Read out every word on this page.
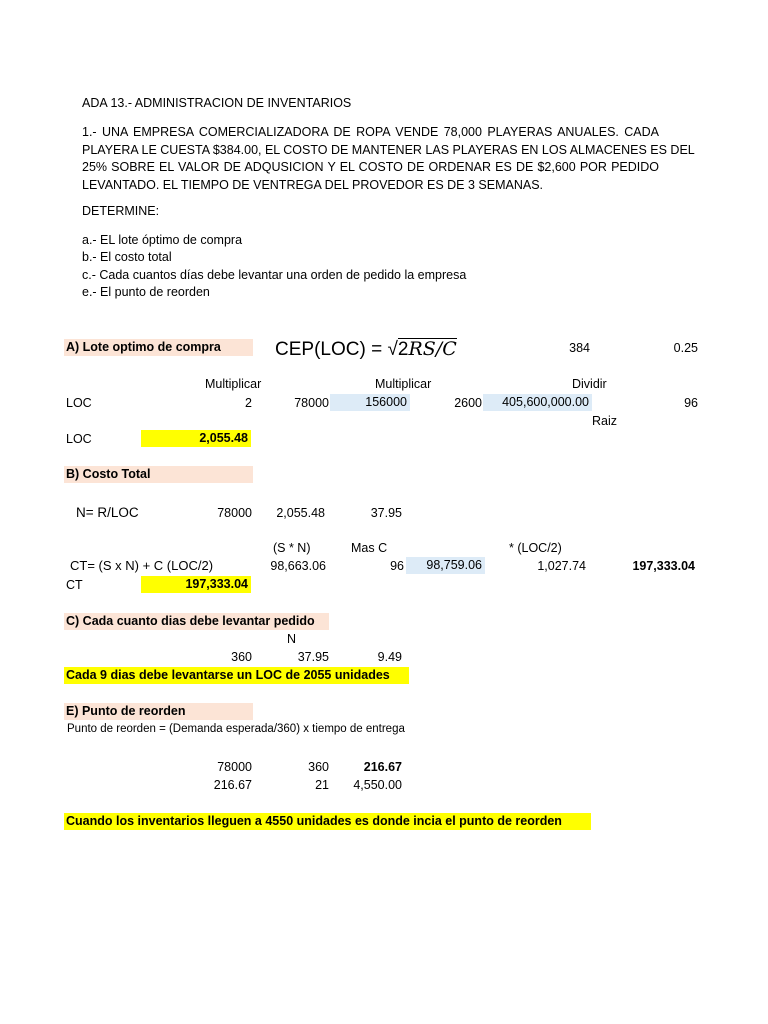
ADA 13.- ADMINISTRACION DE INVENTARIOS
1.- UNA EMPRESA COMERCIALIZADORA DE ROPA VENDE 78,000 PLAYERAS ANUALES. CADA
PLAYERA LE CUESTA $384.00, EL COSTO DE MANTENER LAS PLAYERAS EN LOS ALMACENES ES DEL
25% SOBRE EL VALOR DE ADQUSICION Y EL COSTO DE ORDENAR ES DE $2,600 POR PEDIDO
LEVANTADO. EL TIEMPO DE VENTREGA DEL PROVEDOR ES DE 3 SEMANAS.
DETERMINE:
a.- EL lote óptimo de compra
b.- El costo total
c.- Cada cuantos días debe levantar una orden de pedido la empresa
e.- El punto de reorden
A) Lote optimo de compra	CEP(LOC) = √2RS/C	384	0.25
Multiplicar	Multiplicar	Dividir
LOC	2	78000	156000	2600	405,600,000.00	96
Raiz
LOC	2,055.48
B) Costo Total
N= R/LOC	78000	2,055.48	37.95
(S * N)	Mas C	* (LOC/2)
CT= (S x N) + C (LOC/2)	98,663.06	96	98,759.06	1,027.74	197,333.04
CT	197,333.04
C) Cada cuanto dias debe levantar pedido
N
360	37.95	9.49
Cada 9 dias debe levantarse un LOC de 2055 unidades
E) Punto de reorden
Punto de reorden = (Demanda esperada/360) x tiempo de entrega
78000	360	216.67
216.67	21	4,550.00
Cuando los inventarios lleguen a 4550 unidades es donde incia el punto de reorden
